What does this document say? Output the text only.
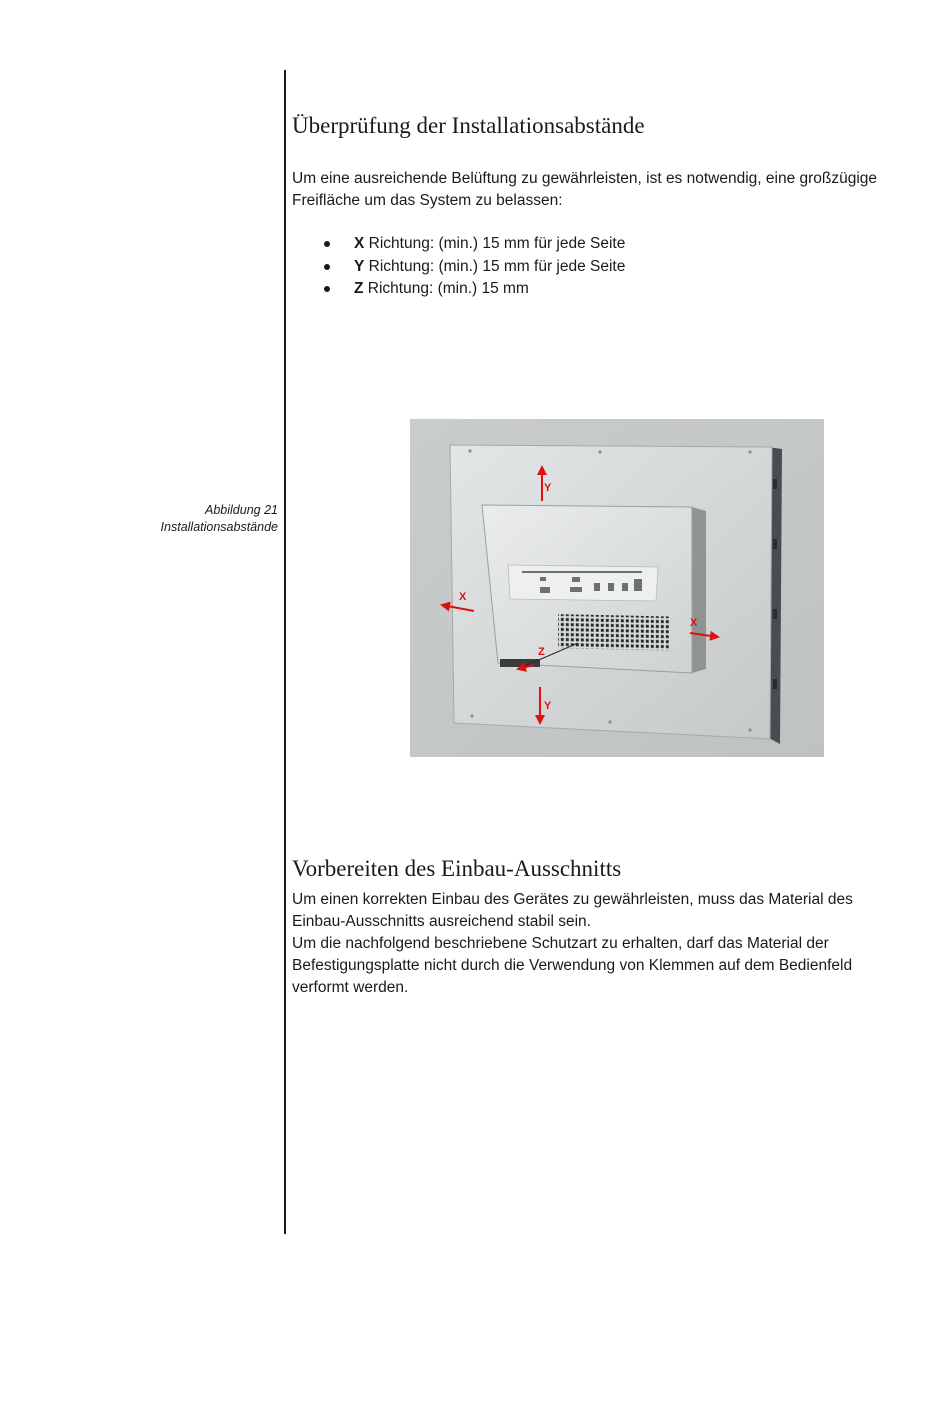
Überprüfung der Installationsabstände

Um eine ausreichende Belüftung zu gewährleisten, ist es notwendig, eine großzügige Freifläche um das System zu belassen:

X Richtung: (min.) 15 mm für jede Seite
Y Richtung: (min.) 15 mm für jede Seite
Z Richtung: (min.) 15 mm
Abbildung 21
Installationsabstände
Y
Y
X
X
Z
Vorbereiten des Einbau-Ausschnitts

Um einen korrekten Einbau des Gerätes zu gewährleisten, muss das Material des Einbau-Ausschnitts ausreichend stabil sein.

Um die nachfolgend beschriebene Schutzart zu erhalten, darf das Material der Befestigungsplatte nicht durch die Verwendung von Klemmen auf dem Bedienfeld verformt werden.
